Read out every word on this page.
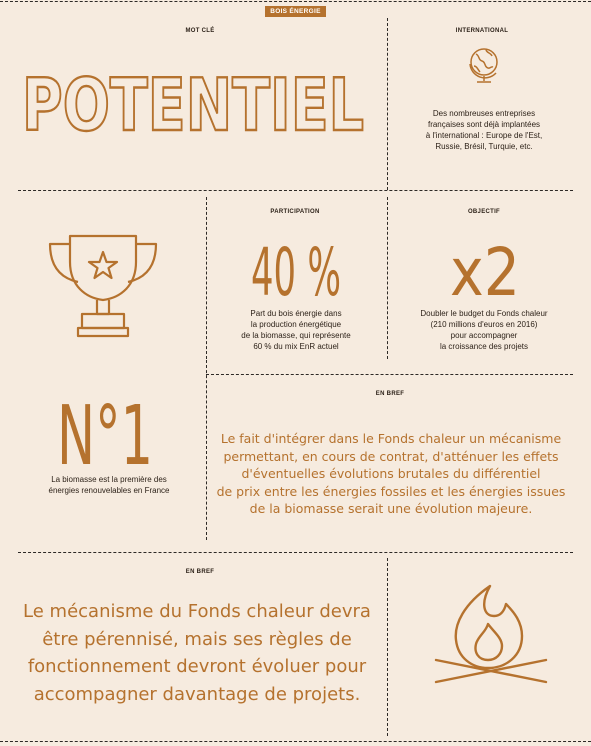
BOIS ÉNERGIE
MOT CLÉ
POTENTIEL
INTERNATIONAL
Des nombreuses entreprises
françaises sont déjà implantées
à l'international : Europe de l'Est,
Russie, Brésil, Turquie, etc.
PARTICIPATION
40 %
Part du bois énergie dans
la production énergétique
de la biomasse, qui représente
60 % du mix EnR actuel
OBJECTIF
x2
Doubler le budget du Fonds chaleur
(210 millions d'euros en 2016)
pour accompagner
la croissance des projets
N°1
La biomasse est la première des
énergies renouvelables en France
EN BREF
Le fait d'intégrer dans le Fonds chaleur un mécanisme
permettant, en cours de contrat, d'atténuer les effets
d'éventuelles évolutions brutales du différentiel
de prix entre les énergies fossiles et les énergies issues
de la biomasse serait une évolution majeure.
EN BREF
Le mécanisme du Fonds chaleur devra
être pérennisé, mais ses règles de
fonctionnement devront évoluer pour
accompagner davantage de projets.
